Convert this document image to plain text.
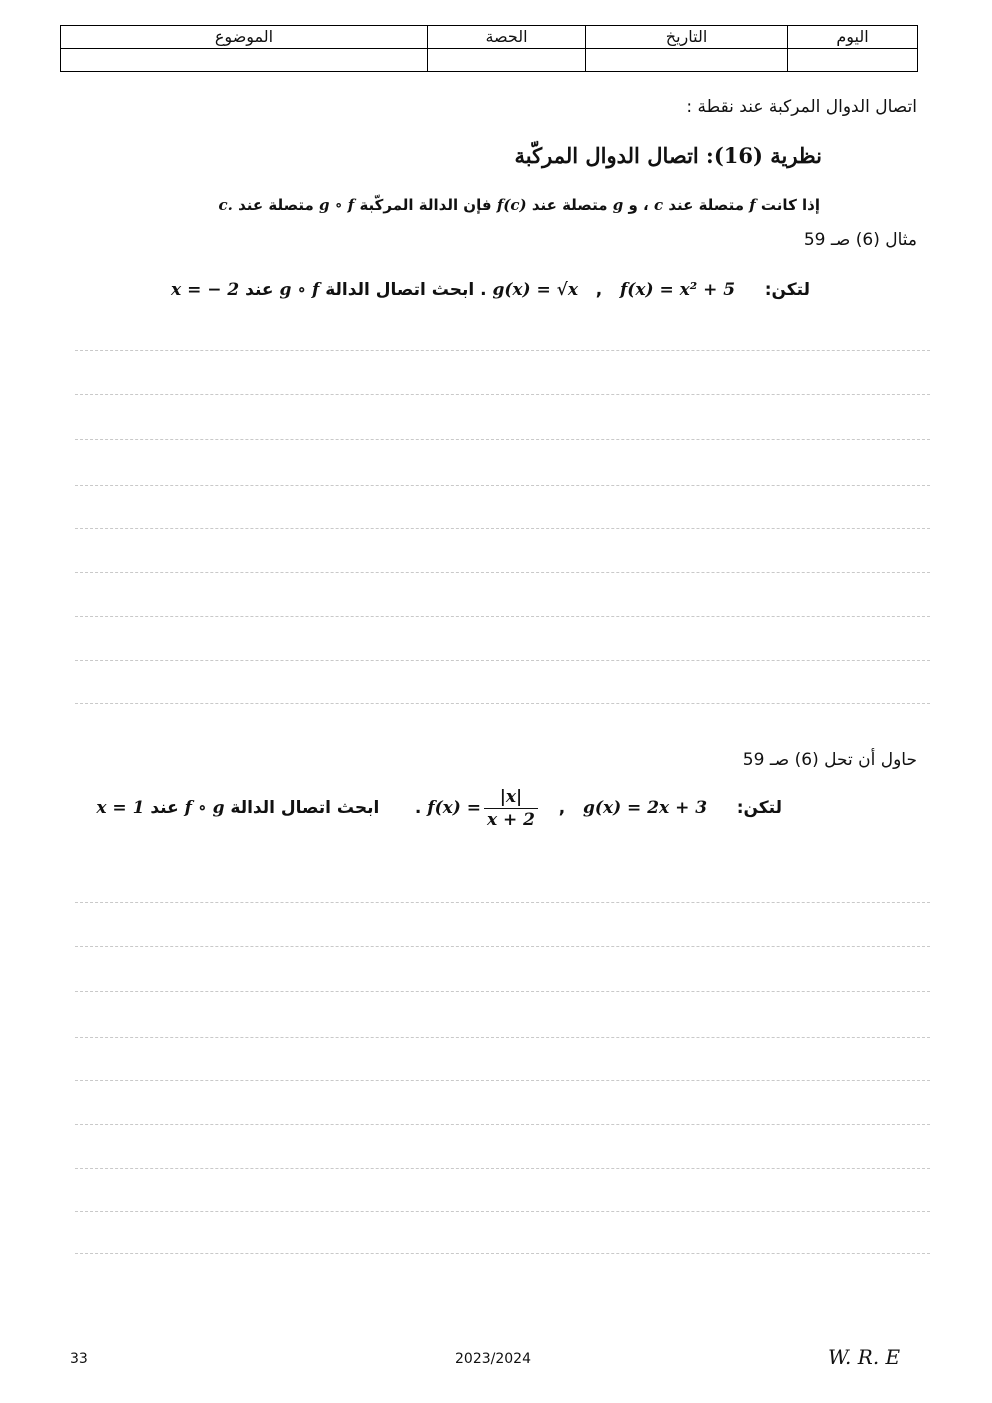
الموضوع	الحصة	التاريخ	اليوم

اتصال الدوال المركبة عند نقطة :
نظرية (16): اتصال الدوال المركّبة
إذا كانت f متصلة عند c ، و g متصلة عند f(c) فإن الدالة المركّبة g ∘ f متصلة عند c.
مثال (6) صـ 59
لتكن:     f(x) = x² + 5   ,   g(x) = √x . ابحث اتصال الدالة g ∘ f عند x = − 2
حاول أن تحل (6) صـ 59
لتكن:     g(x) = 2x + 3   ,   $f(x) = \frac{|x|}{x + 2}$
.      ابحث اتصال الدالة f ∘ g عند x = 1
33	2023/2024	W. R. E
